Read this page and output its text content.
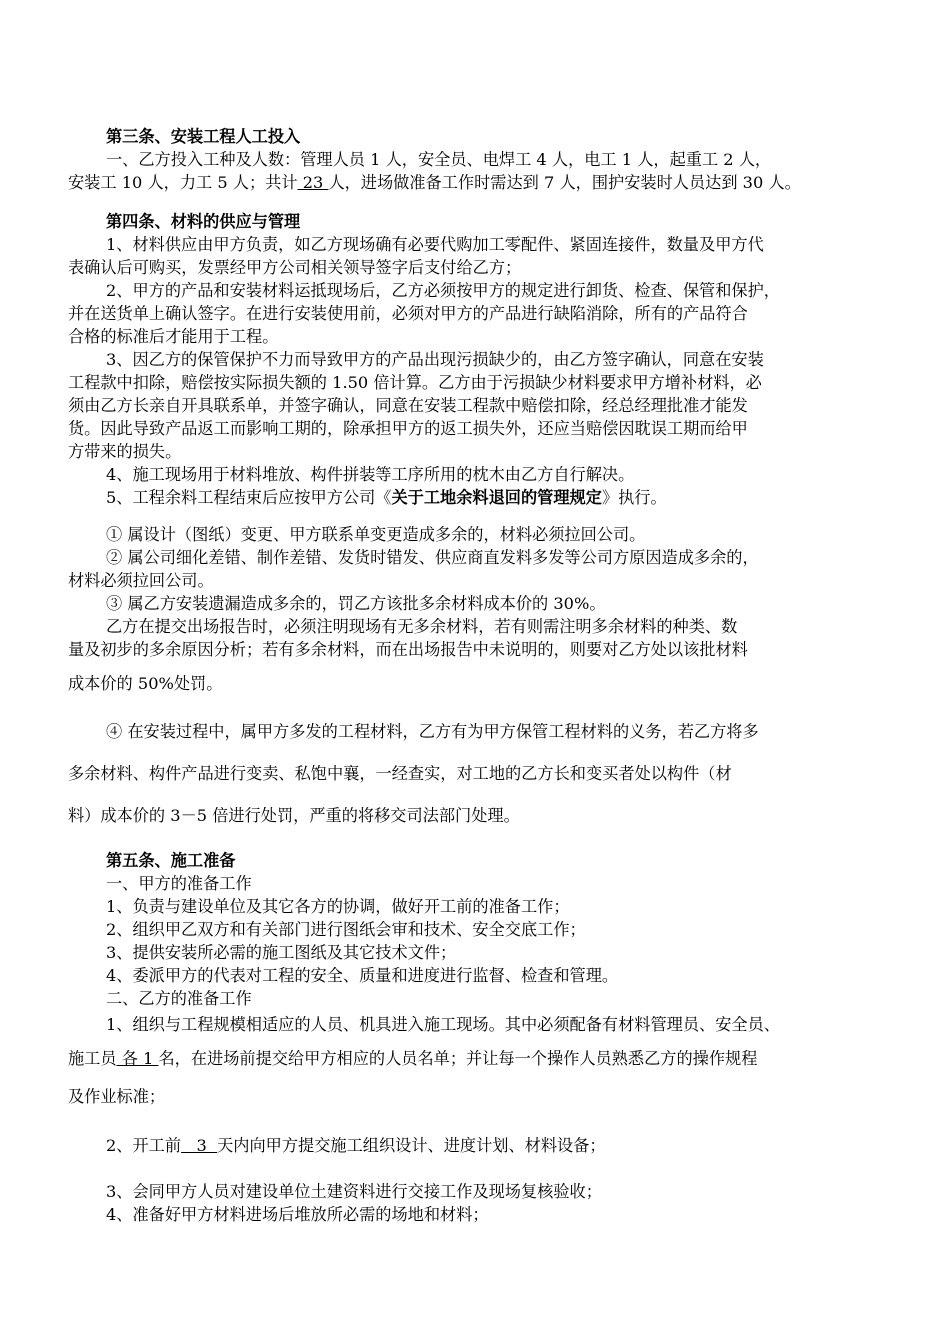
第三条、安装工程人工投入
一、乙方投入工种及人数：管理人员 1 人，安全员、电焊工 4 人，电工 1 人，起重工 2 人，
安装工 10 人，力工 5 人；共计 23 人，进场做准备工作时需达到 7 人，围护安装时人员达到 30 人。
第四条、材料的供应与管理
1、材料供应由甲方负责，如乙方现场确有必要代购加工零配件、紧固连接件，数量及甲方代
表确认后可购买，发票经甲方公司相关领导签字后支付给乙方；
2、甲方的产品和安装材料运抵现场后，乙方必须按甲方的规定进行卸货、检查、保管和保护，
并在送货单上确认签字。在进行安装使用前，必须对甲方的产品进行缺陷消除，所有的产品符合
合格的标准后才能用于工程。
3、因乙方的保管保护不力而导致甲方的产品出现污损缺少的，由乙方签字确认，同意在安装
工程款中扣除，赔偿按实际损失额的 1.50 倍计算。乙方由于污损缺少材料要求甲方增补材料，必
须由乙方长亲自开具联系单，并签字确认，同意在安装工程款中赔偿扣除，经总经理批准才能发
货。因此导致产品返工而影响工期的，除承担甲方的返工损失外，还应当赔偿因耽误工期而给甲
方带来的损失。
4、施工现场用于材料堆放、构件拼装等工序所用的枕木由乙方自行解决。
5、工程余料工程结束后应按甲方公司《关于工地余料退回的管理规定》执行。
① 属设计（图纸）变更、甲方联系单变更造成多余的，材料必须拉回公司。
② 属公司细化差错、制作差错、发货时错发、供应商直发料多发等公司方原因造成多余的，
材料必须拉回公司。
③ 属乙方安装遗漏造成多余的，罚乙方该批多余材料成本价的 30%。
乙方在提交出场报告时，必须注明现场有无多余材料，若有则需注明多余材料的种类、数
量及初步的多余原因分析；若有多余材料，而在出场报告中未说明的，则要对乙方处以该批材料
成本价的 50%处罚。
④ 在安装过程中，属甲方多发的工程材料，乙方有为甲方保管工程材料的义务，若乙方将多
多余材料、构件产品进行变卖、私饱中襄，一经查实，对工地的乙方长和变买者处以构件（材
料）成本价的 3－5 倍进行处罚，严重的将移交司法部门处理。
第五条、施工准备
一、甲方的准备工作
1、负责与建设单位及其它各方的协调，做好开工前的准备工作；
2、组织甲乙双方和有关部门进行图纸会审和技术、安全交底工作；
3、提供安装所必需的施工图纸及其它技术文件；
4、委派甲方的代表对工程的安全、质量和进度进行监督、检查和管理。
二、乙方的准备工作
1、组织与工程规模相适应的人员、机具进入施工现场。其中必须配备有材料管理员、安全员、
施工员 各 1 名，在进场前提交给甲方相应的人员名单；并让每一个操作人员熟悉乙方的操作规程
及作业标准；
2、开工前   3  天内向甲方提交施工组织设计、进度计划、材料设备；
3、会同甲方人员对建设单位土建资料进行交接工作及现场复核验收；
4、准备好甲方材料进场后堆放所必需的场地和材料；
